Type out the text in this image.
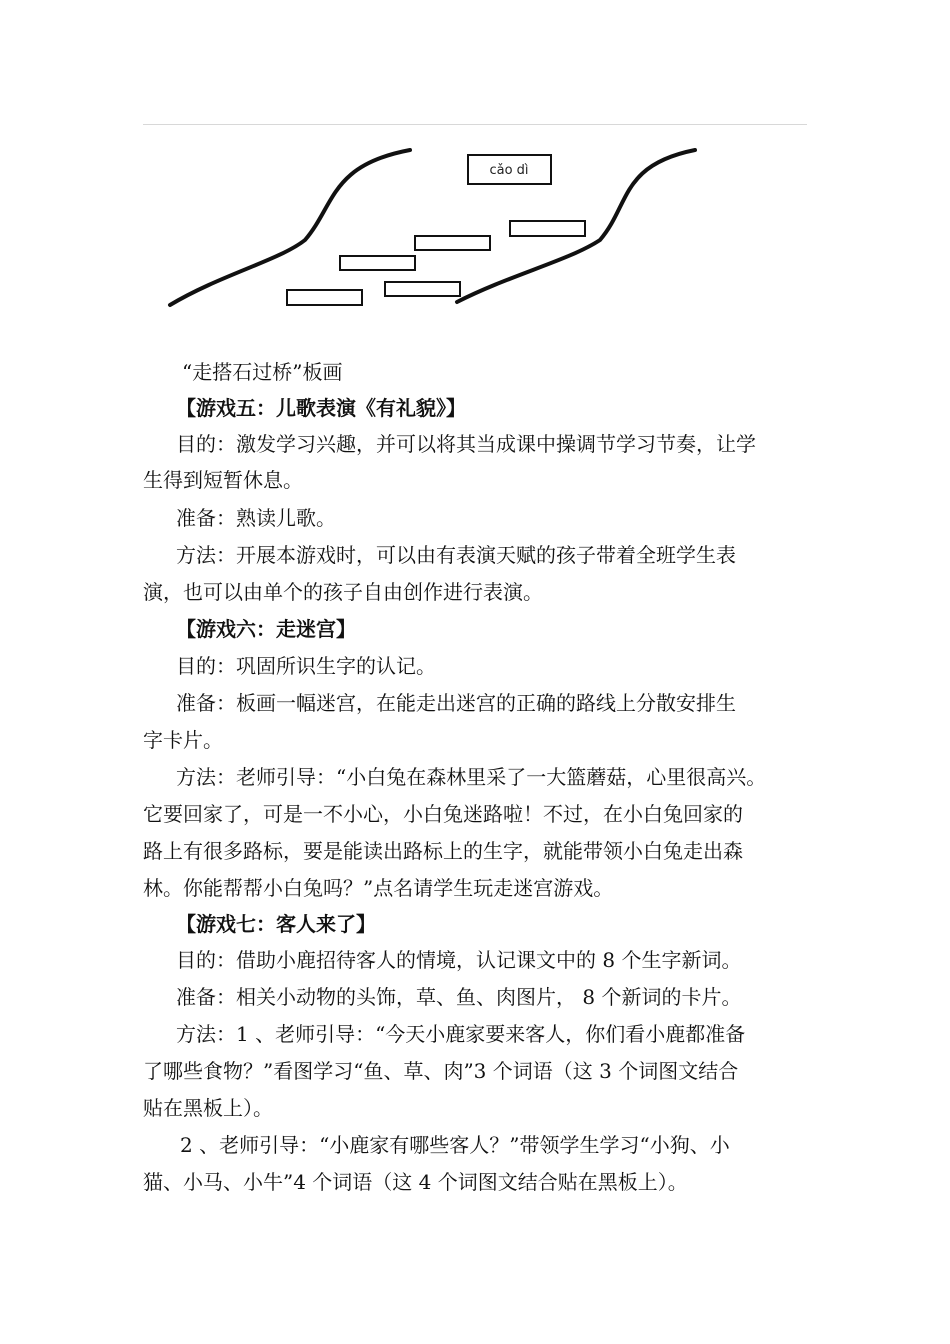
cǎo dì
“走搭石过桥”板画
【游戏五：儿歌表演《有礼貌》】
目的：激发学习兴趣，并可以将其当成课中操调节学习节奏，让学
生得到短暂休息。
准备：熟读儿歌。
方法：开展本游戏时，可以由有表演天赋的孩子带着全班学生表
演，也可以由单个的孩子自由创作进行表演。
【游戏六：走迷宫】
目的：巩固所识生字的认记。
准备：板画一幅迷宫，在能走出迷宫的正确的路线上分散安排生
字卡片。
方法：老师引导：“小白兔在森林里采了一大篮蘑菇，心里很高兴。
它要回家了，可是一不小心，小白兔迷路啦！不过，在小白兔回家的
路上有很多路标，要是能读出路标上的生字，就能带领小白兔走出森
林。你能帮帮小白兔吗？”点名请学生玩走迷宫游戏。
【游戏七：客人来了】
目的：借助小鹿招待客人的情境，认记课文中的 8 个生字新词。
准备：相关小动物的头饰，草、鱼、肉图片， 8 个新词的卡片。
方法：1 、老师引导：“今天小鹿家要来客人，你们看小鹿都准备
了哪些食物？”看图学习“鱼、草、肉”3 个词语（这 3 个词图文结合
贴在黑板上）。
2 、老师引导：“小鹿家有哪些客人？”带领学生学习“小狗、小
猫、小马、小牛”4 个词语（这 4 个词图文结合贴在黑板上）。
